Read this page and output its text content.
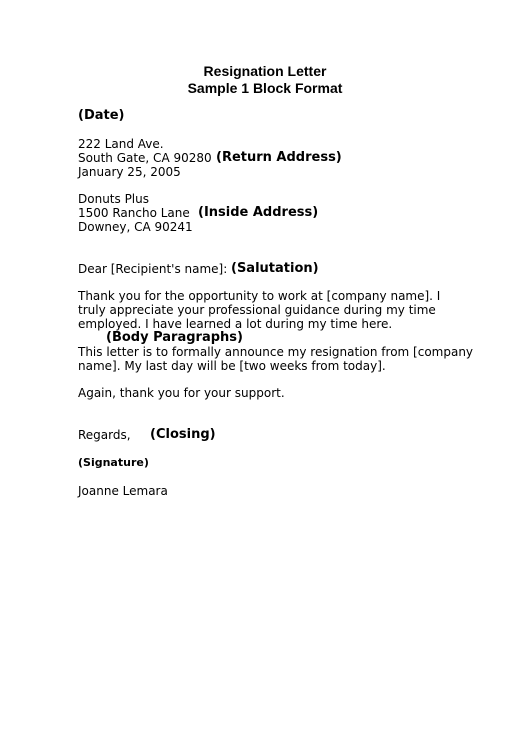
Resignation Letter
Sample 1 Block Format
(Date)
222 Land Ave.
South Gate, CA 90280 (Return Address)
January 25, 2005
Donuts Plus
1500 Rancho Lane (Inside Address)
Downey, CA 90241
Dear [Recipient's name]: (Salutation)
Thank you for the opportunity to work at [company name]. I
truly appreciate your professional guidance during my time
employed. I have learned a lot during my time here.
(Body Paragraphs)
This letter is to formally announce my resignation from [company
name]. My last day will be [two weeks from today].
Again, thank you for your support.
Regards, (Closing)
(Signature)
Joanne Lemara
